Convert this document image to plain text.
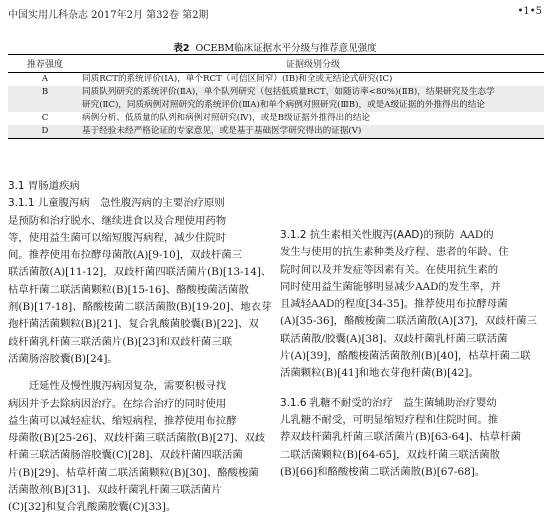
中国实用儿科杂志 2017年2月 第32卷 第2期	•1•5
表2 OCEBM临床证据水平分级与推荐意见强度
推荐强度	证据级别分级
A	同质RCT的系统评价(ⅠA)，单个RCT（可信区间窄）(ⅠB)和全或无结论式研究(ⅠC)
B	同质队列研究的系统评价(ⅡA)，单个队列研究（包括低质量RCT，如随访率<80%)(ⅡB)，结果研究及生态学
研究(ⅡC)，同质病例对照研究的系统评价(ⅢA)和单个病例对照研究(ⅢB)，或是A级证据的外推得出的结论
C	病例分析、低质量的队列和病例对照研究(Ⅳ)，或是B级证据外推得出的结论
D	基于经验未经严格论证的专家意见，或是基于基础医学研究得出的证据(Ⅴ)

3.1 胃肠道疾病

3.1.1 儿童腹泻病  急性腹泻病的主要治疗原则
是预防和治疗脱水、继续进食以及合理使用药物
等，使用益生菌可以缩短腹泻病程，减少住院时
间。推荐使用布拉酵母菌散(A)[9-10]，双歧杆菌三
联活菌散(A)[11-12]，双歧杆菌四联活菌片(B)[13-14]、
枯草杆菌二联活菌颗粒(B)[15-16]、酪酸梭菌活菌散
剂(B)[17-18]、酪酸梭菌二联活菌散(B)[19-20]、地衣芽
孢杆菌活菌颗粒(B)[21]、复合乳酸菌胶囊(B)[22]、双
歧杆菌乳杆菌三联活菌片(B)[23]和双歧杆菌三联
活菌肠溶胶囊(B)[24]。

  迁延性及慢性腹泻病因复杂，需要积极寻找
病因并予去除病因治疗。在综合治疗的同时使用
益生菌可以减轻症状、缩短病程，推荐使用布拉酵
母菌散(B)[25-26]、双歧杆菌三联活菌散(B)[27]、双歧
杆菌三联活菌肠溶胶囊(C)[28]、双歧杆菌四联活菌
片(B)[29]、枯草杆菌二联活菌颗粒(B)[30]、酪酸梭菌
活菌散剂(B)[31]、双歧杆菌乳杆菌三联活菌片
(C)[32]和复合乳酸菌胶囊(C)[33]。

3.1.2 抗生素相关性腹泻(AAD)的预防  AAD的
发生与使用的抗生素种类及疗程、患者的年龄、住
院时间以及并发症等因素有关。在使用抗生素的
同时使用益生菌能够明显减少AAD的发生率，并
且减轻AAD的程度[34-35]。推荐使用布拉酵母菌
(A)[35-36]，酪酸梭菌二联活菌散(A)[37]，双歧杆菌三
联活菌散/胶囊(A)[38]、双歧杆菌乳杆菌三联活菌
片(A)[39]，酪酸梭菌活菌散剂(B)[40]，枯草杆菌二联
活菌颗粒(B)[41]和地衣芽孢杆菌(B)[42]。

3.1.6 乳糖不耐受的治疗  益生菌辅助治疗婴幼
儿乳糖不耐受，可明显缩短疗程和住院时间。推
荐双歧杆菌乳杆菌三联活菌片(B)[63-64]、枯草杆菌
二联活菌颗粒(B)[64-65]，双歧杆菌三联活菌散
(B)[66]和酪酸梭菌二联活菌散(B)[67-68]。
